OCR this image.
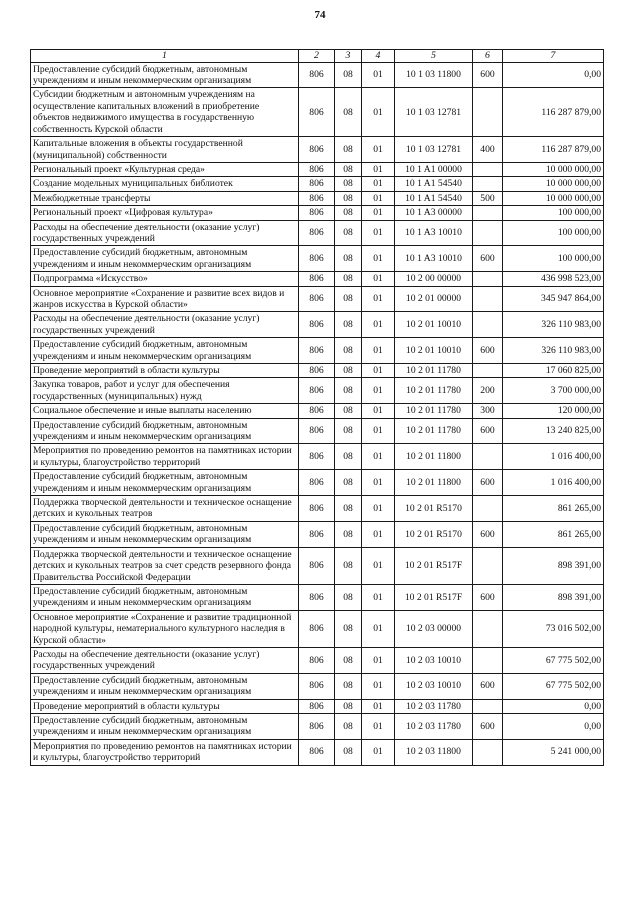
74
1	2	3	4	5	6	7
Предоставление субсидий бюджетным, автономным учреждениям и иным некоммерческим организациям	806	08	01	10 1 03 11800	600	0,00
Субсидии бюджетным и автономным учреждениям на осуществление капитальных вложений в приобретение объектов недвижимого имущества в государственную собственность Курской области	806	08	01	10 1 03 12781		116 287 879,00
Капитальные вложения в объекты государственной (муниципальной) собственности	806	08	01	10 1 03 12781	400	116 287 879,00
Региональный проект «Культурная среда»	806	08	01	10 1 A1 00000		10 000 000,00
Создание модельных муниципальных библиотек	806	08	01	10 1 A1 54540		10 000 000,00
Межбюджетные трансферты	806	08	01	10 1 A1 54540	500	10 000 000,00
Региональный проект «Цифровая культура»	806	08	01	10 1 A3 00000		100 000,00
Расходы на обеспечение деятельности (оказание услуг) государственных учреждений	806	08	01	10 1 A3 10010		100 000,00
Предоставление субсидий бюджетным, автономным учреждениям и иным некоммерческим организациям	806	08	01	10 1 A3 10010	600	100 000,00
Подпрограмма «Искусство»	806	08	01	10 2 00 00000		436 998 523,00
Основное мероприятие «Сохранение и развитие всех видов и жанров искусства в Курской области»	806	08	01	10 2 01 00000		345 947 864,00
Расходы на обеспечение деятельности (оказание услуг) государственных учреждений	806	08	01	10 2 01 10010		326 110 983,00
Предоставление субсидий бюджетным, автономным учреждениям и иным некоммерческим организациям	806	08	01	10 2 01 10010	600	326 110 983,00
Проведение мероприятий в области культуры	806	08	01	10 2 01 11780		17 060 825,00
Закупка товаров, работ и услуг для обеспечения государственных (муниципальных) нужд	806	08	01	10 2 01 11780	200	3 700 000,00
Социальное обеспечение и иные выплаты населению	806	08	01	10 2 01 11780	300	120 000,00
Предоставление субсидий бюджетным, автономным учреждениям и иным некоммерческим организациям	806	08	01	10 2 01 11780	600	13 240 825,00
Мероприятия по проведению ремонтов на памятниках истории и культуры, благоустройство территорий	806	08	01	10 2 01 11800		1 016 400,00
Предоставление субсидий бюджетным, автономным учреждениям и иным некоммерческим организациям	806	08	01	10 2 01 11800	600	1 016 400,00
Поддержка творческой деятельности и техническое оснащение детских и кукольных театров	806	08	01	10 2 01 R5170		861 265,00
Предоставление субсидий бюджетным, автономным учреждениям и иным некоммерческим организациям	806	08	01	10 2 01 R5170	600	861 265,00
Поддержка творческой деятельности и техническое оснащение детских и кукольных театров за счет средств резервного фонда Правительства Российской Федерации	806	08	01	10 2 01 R517F		898 391,00
Предоставление субсидий бюджетным, автономным учреждениям и иным некоммерческим организациям	806	08	01	10 2 01 R517F	600	898 391,00
Основное мероприятие «Сохранение и развитие традиционной народной культуры, нематериального культурного наследия в Курской области»	806	08	01	10 2 03 00000		73 016 502,00
Расходы на обеспечение деятельности (оказание услуг) государственных учреждений	806	08	01	10 2 03 10010		67 775 502,00
Предоставление субсидий бюджетным, автономным учреждениям и иным некоммерческим организациям	806	08	01	10 2 03 10010	600	67 775 502,00
Проведение мероприятий в области культуры	806	08	01	10 2 03 11780		0,00
Предоставление субсидий бюджетным, автономным учреждениям и иным некоммерческим организациям	806	08	01	10 2 03 11780	600	0,00
Мероприятия по проведению ремонтов на памятниках истории и культуры, благоустройство территорий	806	08	01	10 2 03 11800		5 241 000,00
